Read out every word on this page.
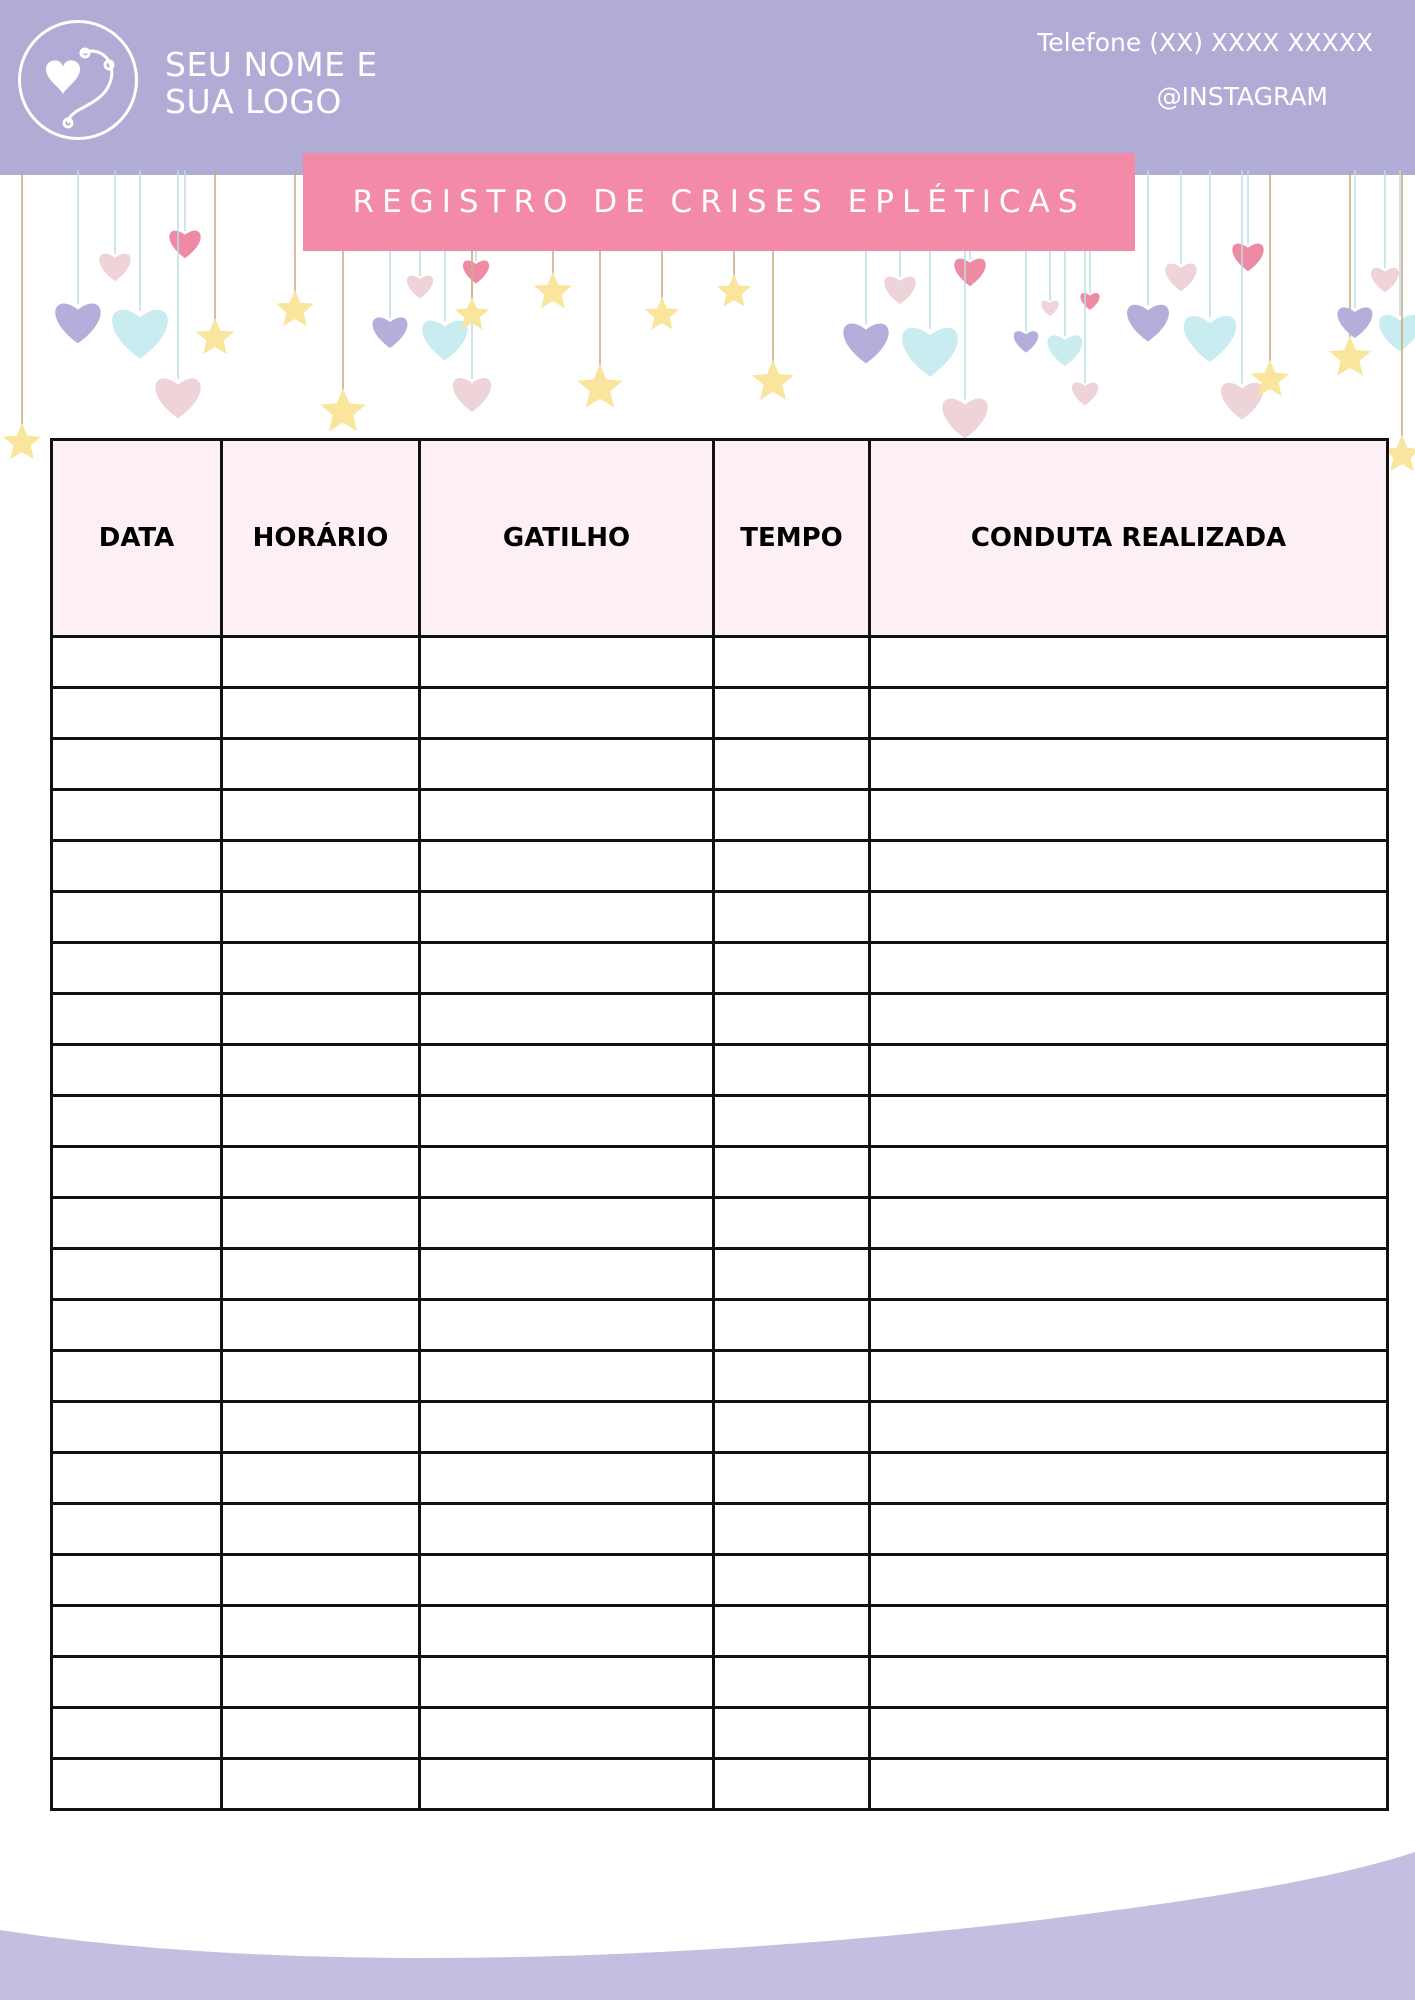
SEU NOME E
SUA LOGO
Telefone (XX) XXXX XXXXX
@INSTAGRAM
REGISTRO DE CRISES EPLÉTICAS
DATA	HORÁRIO	GATILHO	TEMPO	CONDUTA REALIZADA
